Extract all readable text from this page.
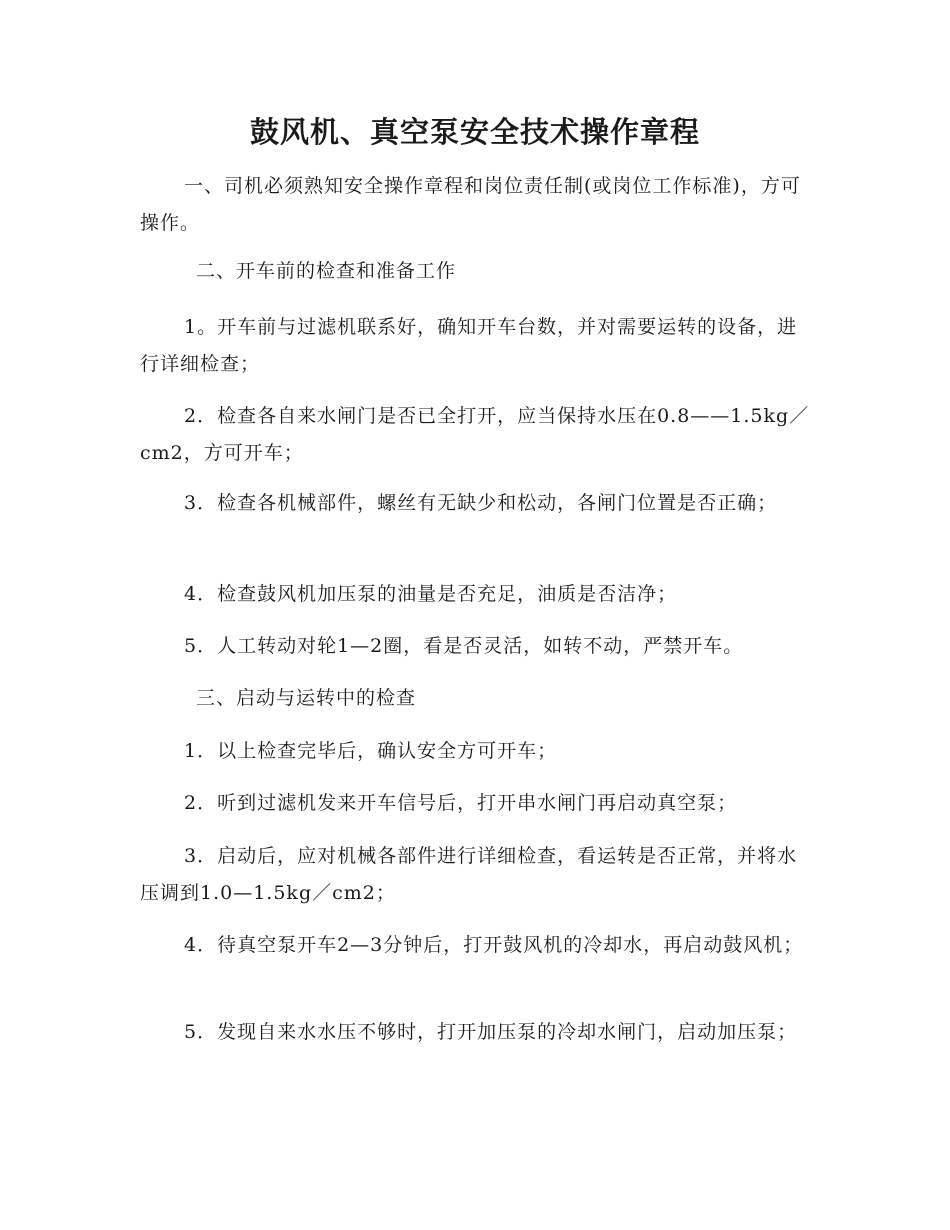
鼓风机、真空泵安全技术操作章程

一、司机必须熟知安全操作章程和岗位责任制(或岗位工作标准)，方可操作。

二、开车前的检查和准备工作

1。开车前与过滤机联系好，确知开车台数，并对需要运转的设备，进行详细检查；

2．检查各自来水闸门是否已全打开，应当保持水压在0.8——1.5kg／cm2，方可开车；

3．检查各机械部件，螺丝有无缺少和松动，各闸门位置是否正确；

4．检查鼓风机加压泵的油量是否充足，油质是否洁净；

5．人工转动对轮1—2圈，看是否灵活，如转不动，严禁开车。

三、启动与运转中的检查

1．以上检查完毕后，确认安全方可开车；

2．听到过滤机发来开车信号后，打开串水闸门再启动真空泵；

3．启动后，应对机械各部件进行详细检查，看运转是否正常，并将水压调到1.0—1.5kg／cm2；

4．待真空泵开车2—3分钟后，打开鼓风机的冷却水，再启动鼓风机；

5．发现自来水水压不够时，打开加压泵的冷却水闸门，启动加压泵；
